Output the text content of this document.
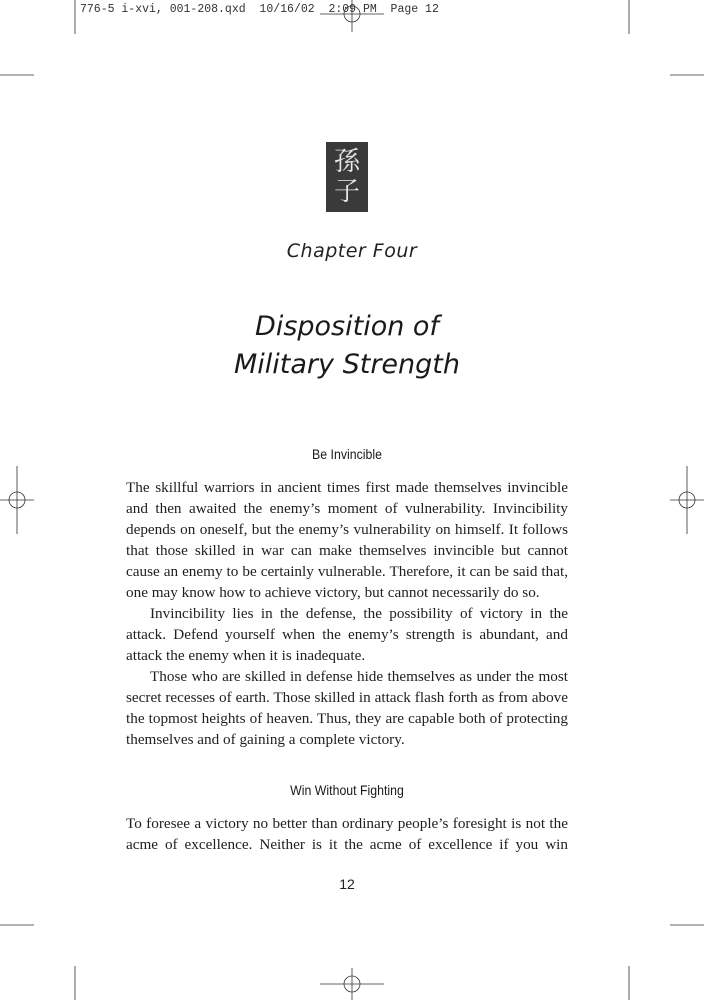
776-5 i-xvi, 001-208.qxd  10/16/02  2:09 PM  Page 12
孫
子
Chapter Four
Disposition of
Military Strength
Be Invincible

The skillful warriors in ancient times first made themselves invincible and then awaited the enemy’s moment of vulnerability. Invincibility depends on oneself, but the enemy’s vulnerability on himself. It follows that those skilled in war can make themselves invincible but cannot cause an enemy to be certainly vulnerable. Therefore, it can be said that, one may know how to achieve victory, but cannot necessarily do so.

Invincibility lies in the defense, the possibility of victory in the attack. Defend yourself when the enemy’s strength is abundant, and attack the enemy when it is inadequate.

Those who are skilled in defense hide themselves as under the most secret recesses of earth. Those skilled in attack flash forth as from above the topmost heights of heaven. Thus, they are capable both of protecting themselves and of gaining a complete victory.

Win Without Fighting

To foresee a victory no better than ordinary people’s foresight is not the acme of excellence. Neither is it the acme of excellence if you win

12
